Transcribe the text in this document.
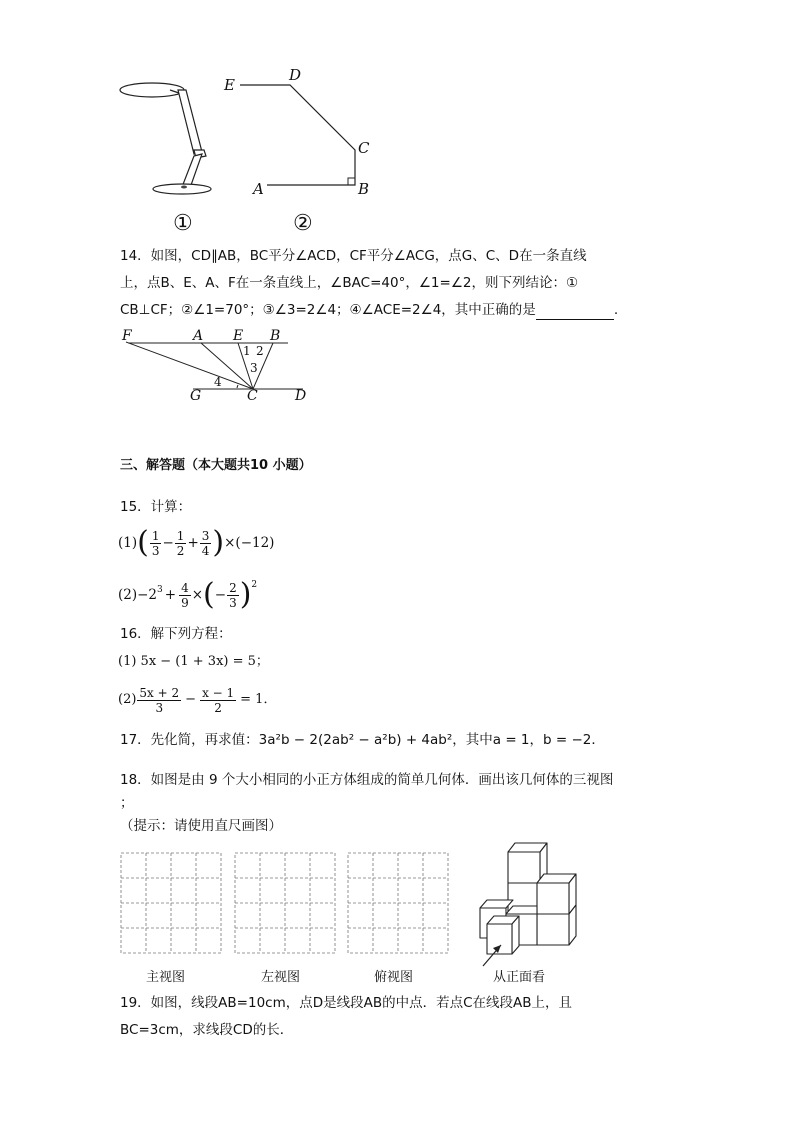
E
D
C
A	B
①	②
14．如图，CD∥AB，BC平分∠ACD，CF平分∠ACG，点G、C、D在一条直线
上，点B、E、A、F在一条直线上，∠BAC=40°，∠1=∠2，则下列结论：①
CB⊥CF；②∠1=70°；③∠3=2∠4；④∠ACE=2∠4，其中正确的是	.
F	A E B
1 2
3
4
G	C	D
三、解答题（本大题共10 小题）
15．计算：
(1) ( $\frac{1}{3} - \frac{1}{2} + \frac{3}{4}$ ) ×(−12)
$(2)-2^3 + \frac{4}{9}$ × ( − $\frac{2}{3} )^2$
16．解下列方程：
(1) 5x − (1 + 3x) = 5；
$(2) \frac{5x + 2}{3} - \frac{x - 1}{2} = 1$．
17．先化简，再求值：3a²b − 2(2ab² − a²b) + 4ab²，其中a = 1，b = −2．
18．如图是由 9 个大小相同的小正方体组成的简单几何体．画出该几何体的三视图
；
（提示：请使用直尺画图）
主视图	左视图	俯视图	从正面看
19．如图，线段AB=10cm，点D是线段AB的中点．若点C在线段AB上，且
BC=3cm，求线段CD的长．
